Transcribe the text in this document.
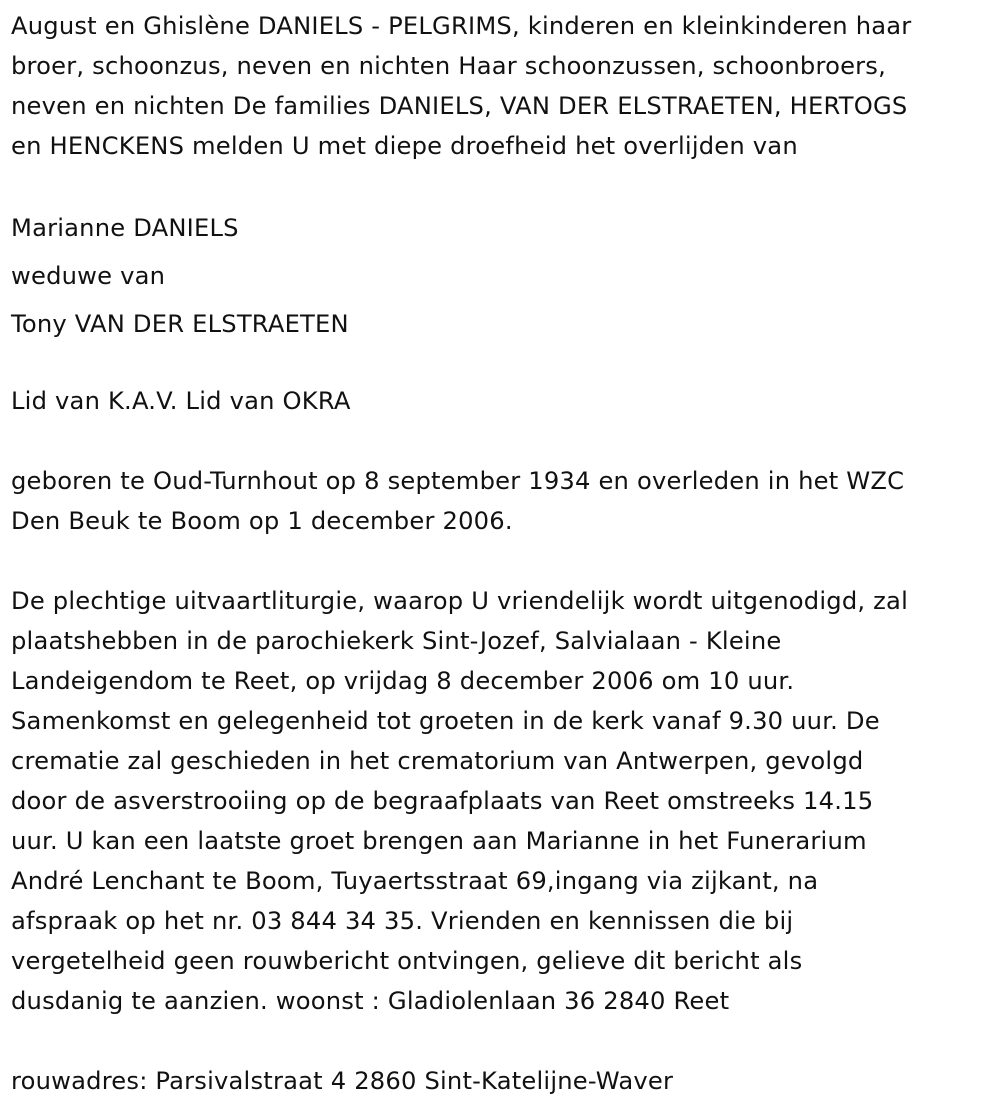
August en Ghislène DANIELS - PELGRIMS, kinderen en kleinkinderen haar
broer, schoonzus, neven en nichten Haar schoonzussen, schoonbroers,
neven en nichten De families DANIELS, VAN DER ELSTRAETEN, HERTOGS
en HENCKENS melden U met diepe droefheid het overlijden van
Marianne DANIELS
weduwe van
Tony VAN DER ELSTRAETEN
Lid van K.A.V. Lid van OKRA
geboren te Oud-Turnhout op 8 september 1934 en overleden in het WZC
Den Beuk te Boom op 1 december 2006.
De plechtige uitvaartliturgie, waarop U vriendelijk wordt uitgenodigd, zal
plaatshebben in de parochiekerk Sint-Jozef, Salvialaan - Kleine
Landeigendom te Reet, op vrijdag 8 december 2006 om 10 uur.
Samenkomst en gelegenheid tot groeten in de kerk vanaf 9.30 uur. De
crematie zal geschieden in het crematorium van Antwerpen, gevolgd
door de asverstrooiing op de begraafplaats van Reet omstreeks 14.15
uur. U kan een laatste groet brengen aan Marianne in het Funerarium
André Lenchant te Boom, Tuyaertsstraat 69,ingang via zijkant, na
afspraak op het nr. 03 844 34 35. Vrienden en kennissen die bij
vergetelheid geen rouwbericht ontvingen, gelieve dit bericht als
dusdanig te aanzien. woonst : Gladiolenlaan 36 2840 Reet
rouwadres: Parsivalstraat 4 2860 Sint-Katelijne-Waver
